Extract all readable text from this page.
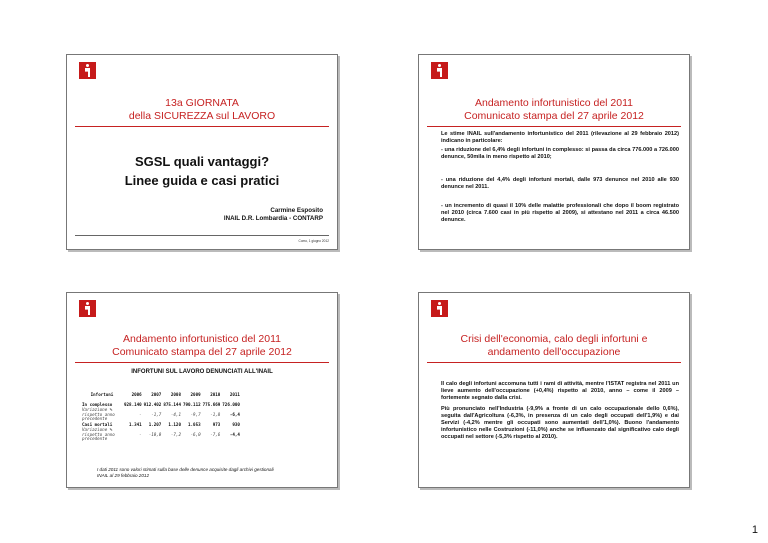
13a GIORNATA
della SICUREZZA sul LAVORO
SGSL quali vantaggi?
Linee guida e casi pratici
Carmine Esposito
INAIL D.R. Lombardia - CONTARP
Como, 1 giugno 2012
Andamento infortunistico del 2011
Comunicato stampa del 27 aprile 2012
Le stime INAIL sull'andamento infortunistico del 2011 (rilevazione al 29 febbraio 2012) indicano in particolare:
- una riduzione del 6,4% degli infortuni in complesso: si passa da circa 776.000 a 726.000 denunce, 50mila in meno rispetto al 2010;
- una riduzione del 4,4% degli infortuni mortali, dalle 973 denunce nel 2010 alle 930 denunce nel 2011.
- un incremento di quasi il 10% delle malattie professionali che dopo il boom registrato nel 2010 (circa 7.600 casi in più rispetto al 2009), si attestano nel 2011 a circa 46.500 denunce.
Andamento infortunistico del 2011
Comunicato stampa del 27 aprile 2012
INFORTUNI SUL LAVORO DENUNCIATI ALL'INAIL
Infortuni	2006	2007	2008	2009	2010	2011

In complesso	928.140	912.402	875.144	790.112	775.669	726.000
Variazione % rispetto anno precedente	-	-1,7	-4,1	-9,7	-1,8	-6,4
Casi mortali	1.341	1.207	1.120	1.053	973	930
Variazione % rispetto anno precedente	-	-10,0	-7,2	-6,0	-7,6	-4,4
I dati 2011 sono valori stimati sulla base delle denunce acquisite dagli archivi gestionali
INAIL al 29 febbraio 2012
Crisi dell'economia, calo degli infortuni e
andamento dell'occupazione
Il calo degli infortuni accomuna tutti i rami di attività, mentre l'ISTAT registra nel 2011 un lieve aumento dell'occupazione (+0,4%) rispetto al 2010, anno – come il 2009 – fortemente segnato dalla crisi.
Più pronunciato nell'Industria (-9,9% a fronte di un calo occupazionale dello 0,6%), seguita dall'Agricoltura (-6,3%, in presenza di un calo degli occupati dell'1,9%) e dai Servizi (-4,2% mentre gli occupati sono aumentati dell'1,0%). Buono l'andamento infortunistico nelle Costruzioni (-11,0%) anche se influenzato dal significativo calo degli occupati nel settore (-5,3% rispetto al 2010).
1
